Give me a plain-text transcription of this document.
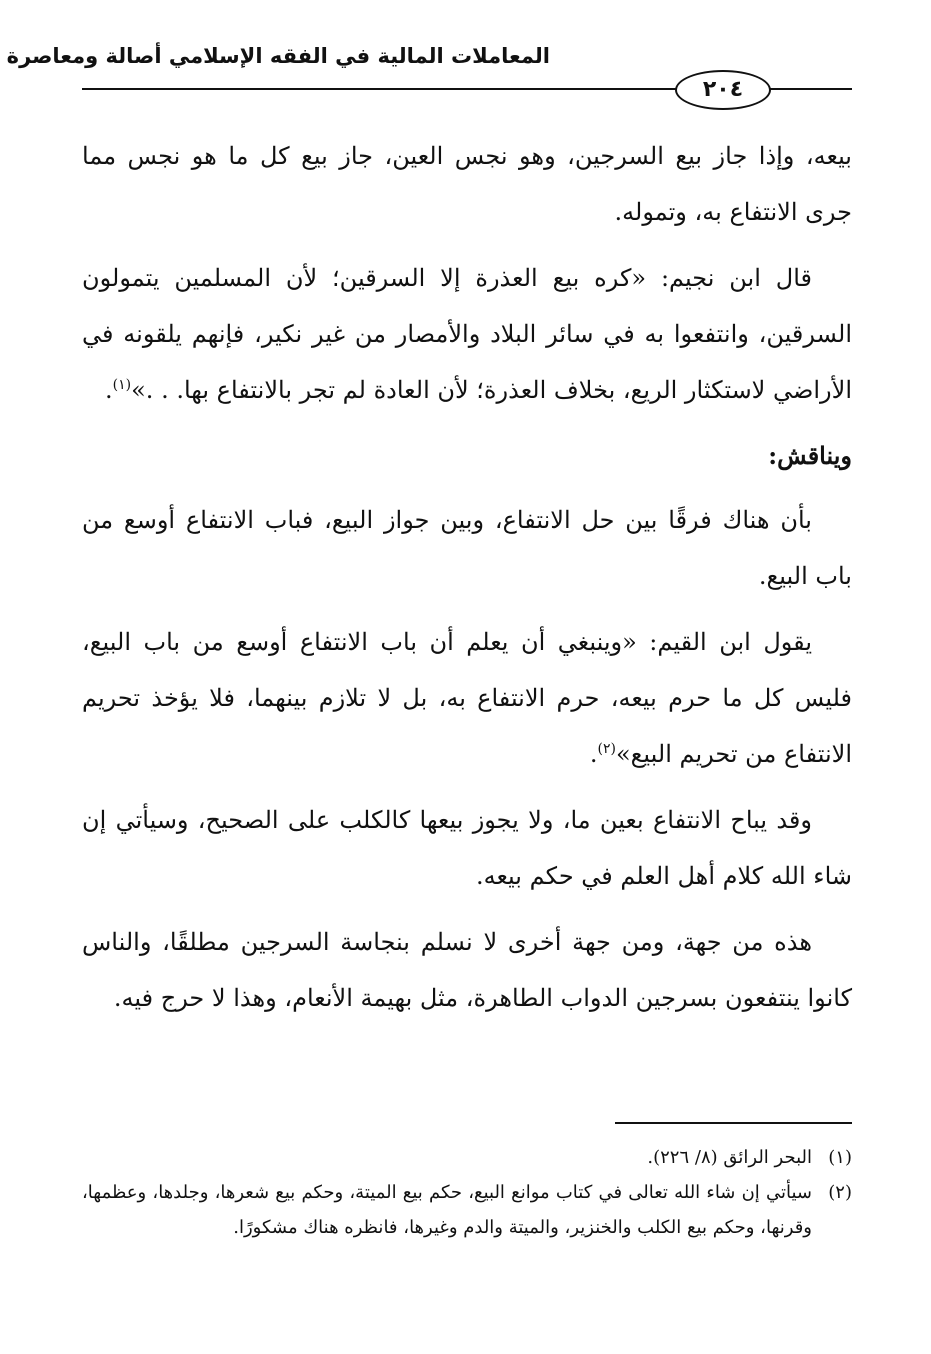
المعاملات المالية في الفقه الإسلامي أصالة ومعاصرة
٢٠٤

بيعه، وإذا جاز بيع السرجين، وهو نجس العين، جاز بيع كل ما هو نجس مما جرى الانتفاع به، وتموله.

قال ابن نجيم: «كره بيع العذرة إلا السرقين؛ لأن المسلمين يتمولون السرقين، وانتفعوا به في سائر البلاد والأمصار من غير نكير، فإنهم يلقونه في الأراضي لاستكثار الريع، بخلاف العذرة؛ لأن العادة لم تجر بالانتفاع بها. . .»$^{(١)}$.

ويناقش:

بأن هناك فرقًا بين حل الانتفاع، وبين جواز البيع، فباب الانتفاع أوسع من باب البيع.

يقول ابن القيم: «وينبغي أن يعلم أن باب الانتفاع أوسع من باب البيع، فليس كل ما حرم بيعه، حرم الانتفاع به، بل لا تلازم بينهما، فلا يؤخذ تحريم الانتفاع من تحريم البيع»$^{(٢)}$.

وقد يباح الانتفاع بعين ما، ولا يجوز بيعها كالكلب على الصحيح، وسيأتي إن شاء الله كلام أهل العلم في حكم بيعه.

هذه من جهة، ومن جهة أخرى لا نسلم بنجاسة السرجين مطلقًا، والناس كانوا ينتفعون بسرجين الدواب الطاهرة، مثل بهيمة الأنعام، وهذا لا حرج فيه.

(١)
البحر الرائق (٨/ ٢٢٦).

(٢)
سيأتي إن شاء الله تعالى في كتاب موانع البيع، حكم بيع الميتة، وحكم بيع شعرها، وجلدها، وعظمها، وقرنها، وحكم بيع الكلب والخنزير، والميتة والدم وغيرها، فانظره هناك مشكورًا.
